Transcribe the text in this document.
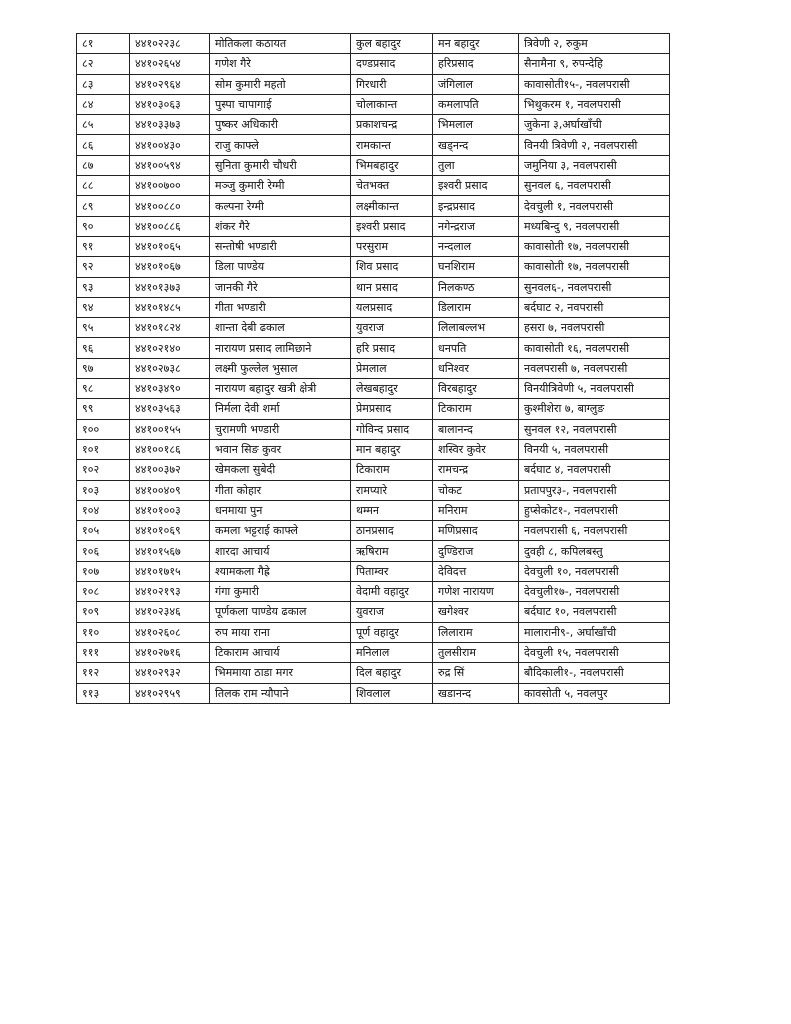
८१	४४१०२२३८	मोतिकला कठायत	कुल बहादुर	मन बहादुर	त्रिवेणी २, रुकुम
८२	४४१०२६५४	गणेश गैरे	दण्डप्रसाद	हरिप्रसाद	सैनामैना ९, रुपन्देहि
८३	४४१०२९६४	सोम कुमारी महतो	गिरधारी	जंगिलाल	कावासोती१५-, नवलपरासी
८४	४४१०३०६३	पुस्पा चापागाई	चोलाकान्त	कमलापति	भिथुकरम १, नवलपरासी
८५	४४१०३३७३	पुष्कर अधिकारी	प्रकाशचन्द्र	भिमलाल	जुकेना ३,अर्घाखाँची
८६	४४१००४३०	राजु काफ्ले	रामकान्त	खड्नन्द	विनयी त्रिवेणी २, नवलपरासी
८७	४४१००५९४	सुनिता कुमारी चौधरी	भिमबहादुर	तुला	जमुनिया ३, नवलपरासी
८८	४४१००७००	मञ्जु कुमारी रेग्मी	चेतभक्त	इश्वरी प्रसाद	सुनवल ६, नवलपरासी
८९	४४१००८८०	कल्पना रेग्मी	लक्ष्मीकान्त	इन्द्रप्रसाद	देवचुली १, नवलपरासी
९०	४४१००८८६	शंकर गैरे	इश्वरी प्रसाद	नगेन्द्रराज	मध्यबिन्दु ९, नवलपरासी
९१	४४१०१०६५	सन्तोषी भण्डारी	परसुराम	नन्दलाल	कावासोती १७, नवलपरासी
९२	४४१०१०६७	डिला पाण्डेय	शिव प्रसाद	घनशिराम	कावासोती १७, नवलपरासी
९३	४४१०१३७३	जानकी गैरे	थान प्रसाद	निलकण्ठ	सुनवल६-, नवलपरासी
९४	४४१०१४८५	गीता भण्डारी	यलप्रसाद	डिलाराम	बर्दघाट २, नवपरासी
९५	४४१०१८२४	शान्ता देबी ढकाल	युवराज	लिलाबल्लभ	हसरा ७, नवलपरासी
९६	४४१०२१४०	नारायण प्रसाद लामिछाने	हरि प्रसाद	धनपति	कावासोती १६, नवलपरासी
९७	४४१०२७३८	लक्ष्मी फुल्लेल भुसाल	प्रेमलाल	धनिश्वर	नवलपरासी ७, नवलपरासी
९८	४४१०३४९०	नारायण बहादुर खत्री क्षेत्री	लेखबहादुर	विरबहादुर	विनयीत्रिवेणी ५, नवलपरासी
९९	४४१०३५६३	निर्मला देवी शर्मा	प्रेमप्रसाद	टिकाराम	कुश्मीशेरा ७, बाग्लुङ
१००	४४१००१५५	चुरामणी भण्डारी	गोविन्द प्रसाद	बालानन्द	सुनवल १२, नवलपरासी
१०१	४४१००१८६	भवान सिङ कुवर	मान बहादुर	शस्विर कुवेर	विनयी ५, नवलपरासी
१०२	४४१००३७२	खेमकला सुबेदी	टिकाराम	रामचन्द्र	बर्दघाट ४, नवलपरासी
१०३	४४१००४०९	गीता कोहार	रामप्यारे	चोकट	प्रतापपुर३-, नवलपरासी
१०४	४४१०१००३	धनमाया पुन	थम्मन	मनिराम	हुप्सेकोट१-, नवलपरासी
१०५	४४१०१०६९	कमला भट्टराई काफ्ले	ठानप्रसाद	मणिप्रसाद	नवलपरासी ६, नवलपरासी
१०६	४४१०१५६७	शारदा आचार्य	ऋषिराम	दुण्डिराज	दुवही ८, कपिलबस्तु
१०७	४४१०१७१५	श्यामकला गैह्रे	पिताम्वर	देविदत्त	देवचुली १०, नवलपरासी
१०८	४४१०२१९३	गंगा कुमारी	वेदामी वहादुर	गणेश नारायण	देवचुली१७-, नवलपरासी
१०९	४४१०२३४६	पूर्णकला पाण्डेय ढकाल	युवराज	खगेश्वर	बर्दघाट १०, नवलपरासी
११०	४४१०२६०८	रुप माया राना	पूर्ण वहादुर	लिलाराम	मालारानी९-, अर्घाखाँची
१११	४४१०२७१६	टिकाराम आचार्य	मनिलाल	तुलसीराम	देवचुली १५, नवलपरासी
११२	४४१०२९३२	भिममाया ठाडा मगर	दिल बहादुर	रुद्र सिं	बौदिकाली१-, नवलपरासी
११३	४४१०२९५९	तिलक राम न्यौपाने	शिवलाल	खडानन्द	कावसोती ५, नवलपुर
